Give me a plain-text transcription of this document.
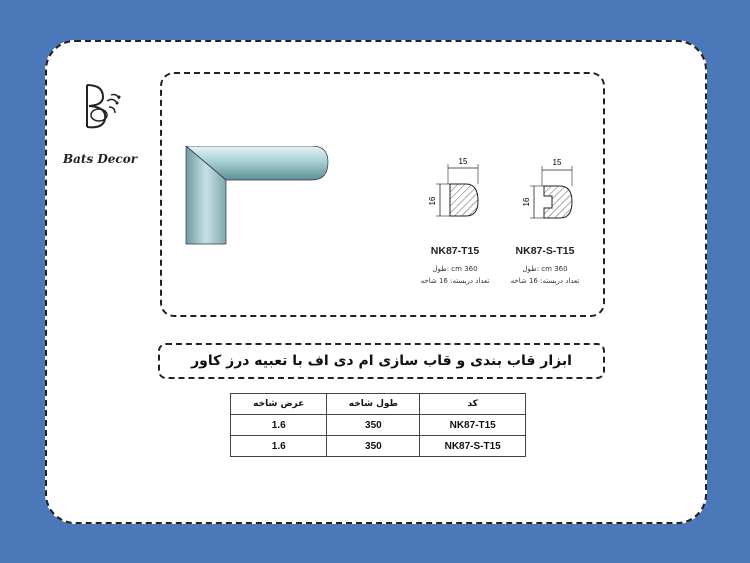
Bats Decor	15
16
NK87-T15
360 cm :طول
تعداد دربسته: 16 شاخه
15
16
NK87-S-T15
360 cm :طول
تعداد دربسته: 16 شاخه
ابزار قاب بندی و قاب سازی ام دی اف با تعبیه درز کاور
عرض شاخه	طول شاخه	کد
1.6	350	NK87-T15
1.6	350	NK87-S-T15
